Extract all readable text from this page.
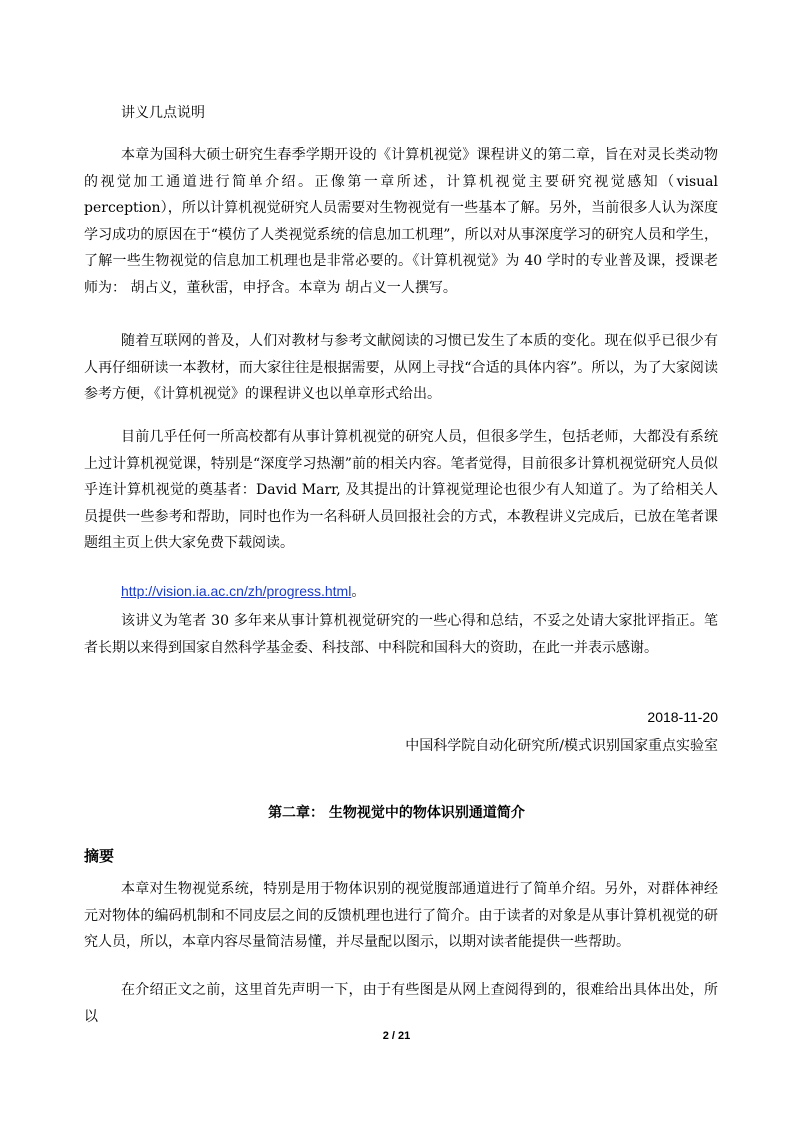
讲义几点说明

本章为国科大硕士研究生春季学期开设的《计算机视觉》课程讲义的第二章，旨在对灵长类动物的视觉加工通道进行简单介绍。正像第一章所述，计算机视觉主要研究视觉感知（visual perception），所以计算机视觉研究人员需要对生物视觉有一些基本了解。另外，当前很多人认为深度学习成功的原因在于“模仿了人类视觉系统的信息加工机理”，所以对从事深度学习的研究人员和学生，了解一些生物视觉的信息加工机理也是非常必要的。《计算机视觉》为 40 学时的专业普及课，授课老师为： 胡占义，董秋雷，申抒含。本章为 胡占义一人撰写。

随着互联网的普及，人们对教材与参考文献阅读的习惯已发生了本质的变化。现在似乎已很少有人再仔细研读一本教材，而大家往往是根据需要，从网上寻找“合适的具体内容”。所以，为了大家阅读参考方便，《计算机视觉》的课程讲义也以单章形式给出。

目前几乎任何一所高校都有从事计算机视觉的研究人员，但很多学生，包括老师，大都没有系统上过计算机视觉课，特别是“深度学习热潮”前的相关内容。笔者觉得，目前很多计算机视觉研究人员似乎连计算机视觉的奠基者：David Marr, 及其提出的计算视觉理论也很少有人知道了。为了给相关人员提供一些参考和帮助，同时也作为一名科研人员回报社会的方式，本教程讲义完成后，已放在笔者课题组主页上供大家免费下载阅读。

http://vision.ia.ac.cn/zh/progress.html。

该讲义为笔者 30 多年来从事计算机视觉研究的一些心得和总结，不妥之处请大家批评指正。笔者长期以来得到国家自然科学基金委、科技部、中科院和国科大的资助，在此一并表示感谢。

2018-11-20

中国科学院自动化研究所/模式识别国家重点实验室

第二章： 生物视觉中的物体识别通道简介
摘要

本章对生物视觉系统，特别是用于物体识别的视觉腹部通道进行了简单介绍。另外，对群体神经元对物体的编码机制和不同皮层之间的反馈机理也进行了简介。由于读者的对象是从事计算机视觉的研究人员，所以，本章内容尽量简洁易懂，并尽量配以图示，以期对读者能提供一些帮助。

在介绍正文之前，这里首先声明一下，由于有些图是从网上查阅得到的，很难给出具体出处，所以

2 / 21
